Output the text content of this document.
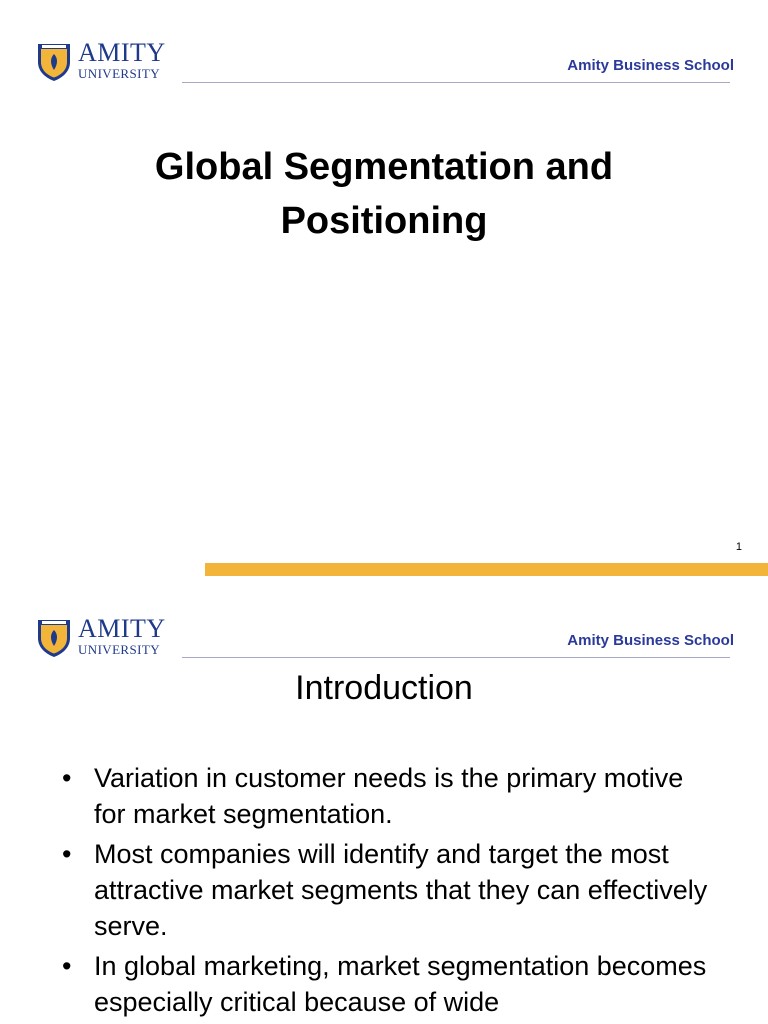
AMITY
UNIVERSITY	Amity Business School
Global Segmentation and
Positioning
1
AMITY
UNIVERSITY
Amity Business School
Introduction
• Variation in customer needs is the primary motive for market segmentation.
• Most companies will identify and target the most attractive market segments that they can effectively serve.
• In global marketing, market segmentation becomes especially critical because of wide
